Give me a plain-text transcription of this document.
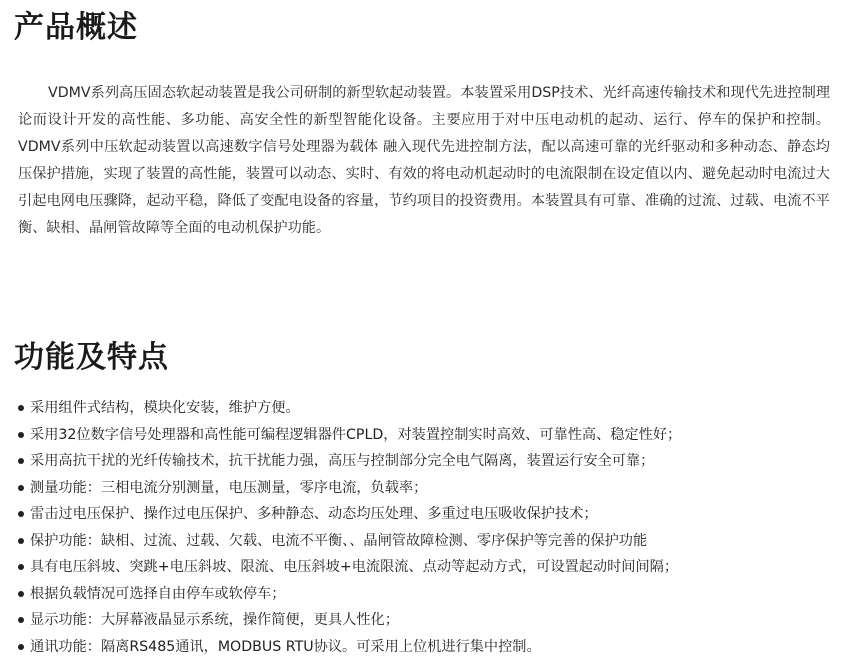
产品概述

VDMV系列高压固态软起动装置是我公司研制的新型软起动装置。本装置采用DSP技术、光纤高速传输技术和现代先进控制理论而设计开发的高性能、多功能、高安全性的新型智能化设备。主要应用于对中压电动机的起动、运行、停车的保护和控制。VDMV系列中压软起动装置以高速数字信号处理器为载体 融入现代先进控制方法，配以高速可靠的光纤驱动和多种动态、静态均压保护措施，实现了装置的高性能，装置可以动态、实时、有效的将电动机起动时的电流限制在设定值以内、避免起动时电流过大引起电网电压骤降，起动平稳，降低了变配电设备的容量，节约项目的投资费用。本装置具有可靠、准确的过流、过载、电流不平衡、缺相、晶闸管故障等全面的电动机保护功能。

功能及特点
采用组件式结构，模块化安装，维护方便。
采用32位数字信号处理器和高性能可编程逻辑器件CPLD，对装置控制实时高效、可靠性高、稳定性好；
采用高抗干扰的光纤传输技术，抗干扰能力强，高压与控制部分完全电气隔离，装置运行安全可靠；
测量功能：三相电流分别测量，电压测量，零序电流，负载率；
雷击过电压保护、操作过电压保护、多种静态、动态均压处理、多重过电压吸收保护技术；
保护功能：缺相、过流、过载、欠载、电流不平衡、、晶闸管故障检测、零序保护等完善的保护功能
具有电压斜坡、突跳+电压斜坡、限流、电压斜坡+电流限流、点动等起动方式，可设置起动时间间隔；
根据负载情况可选择自由停车或软停车；
显示功能：大屏幕液晶显示系统，操作简便，更具人性化；
通讯功能：隔离RS485通讯，MODBUS RTU协议。可采用上位机进行集中控制。
